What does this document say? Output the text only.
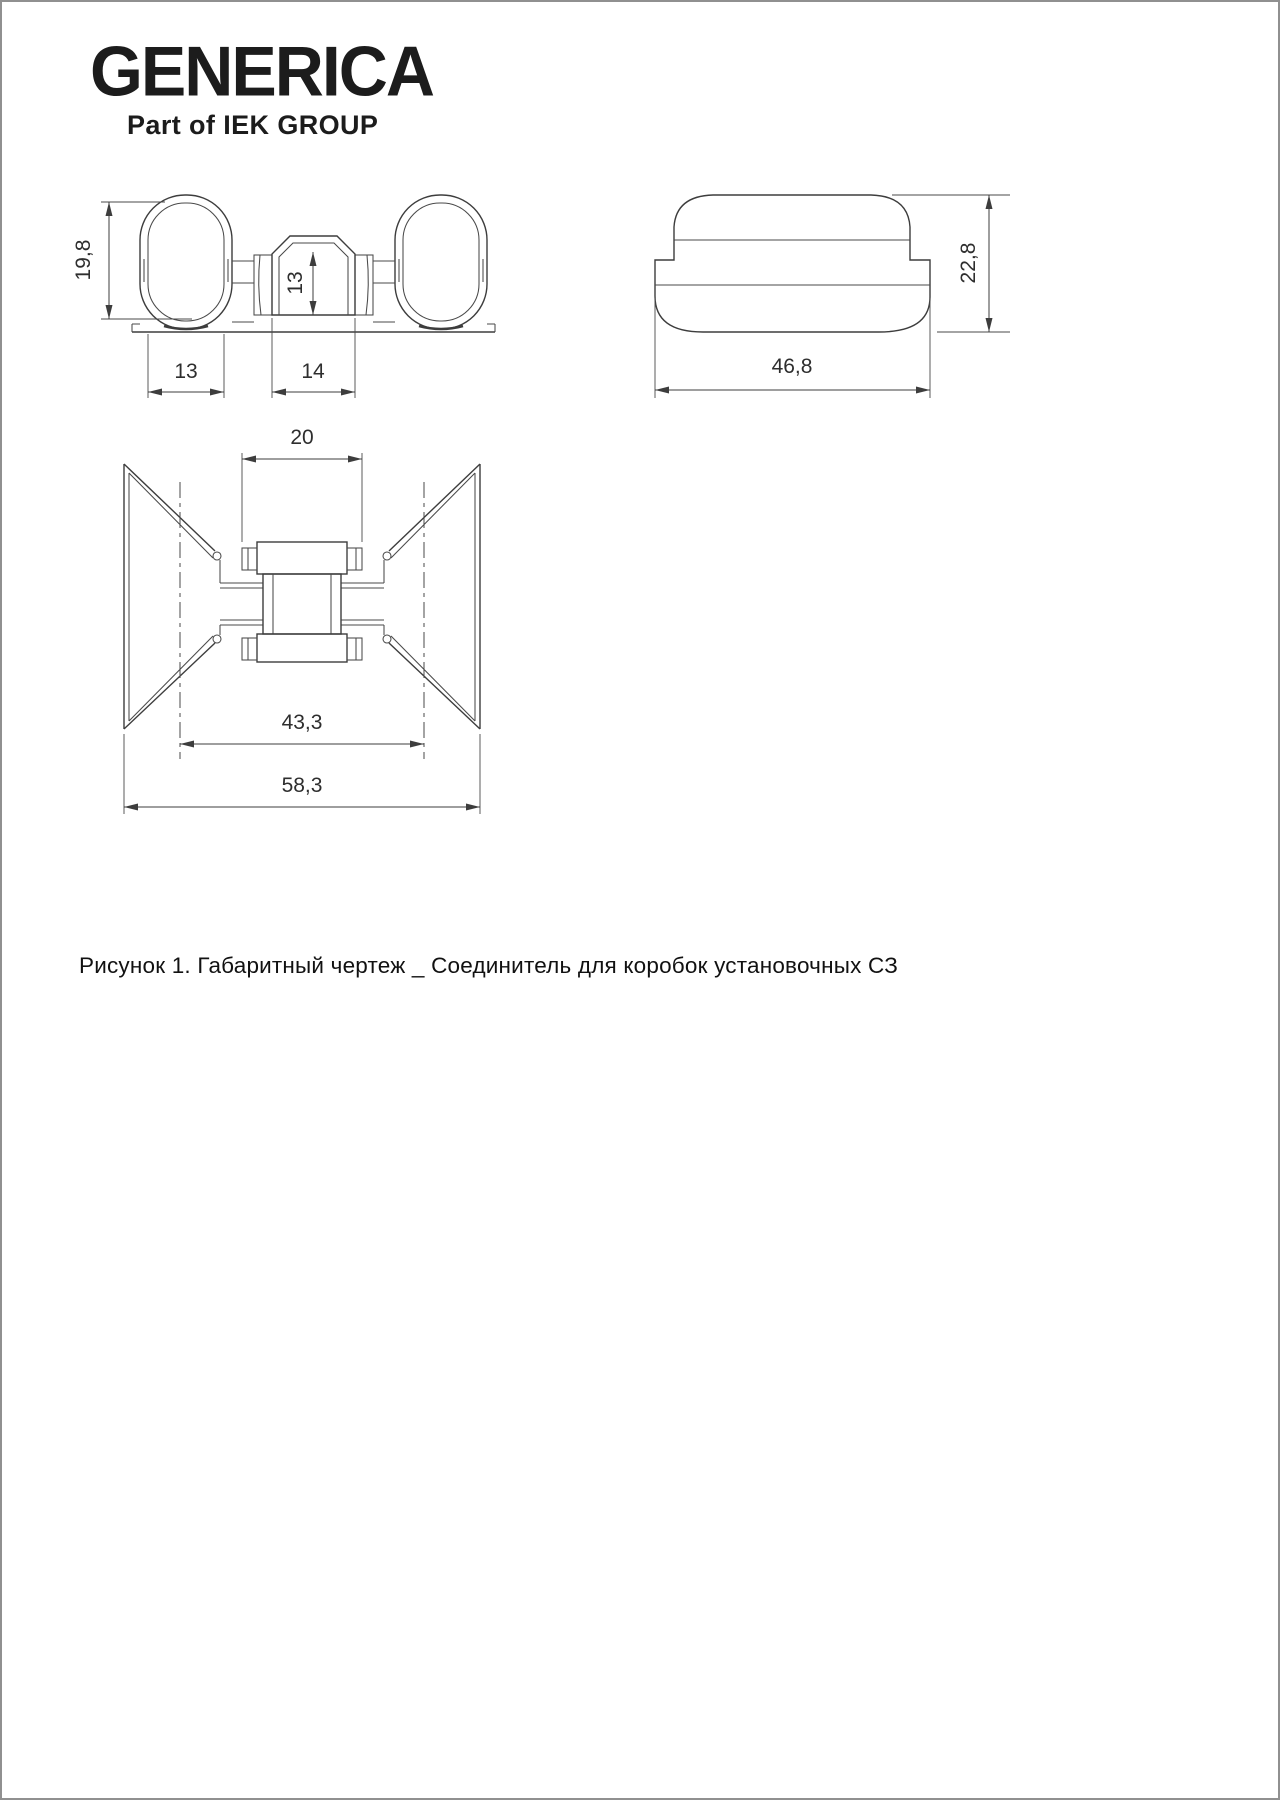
GENERICA
Part of IEK GROUP
19,8
13
13	14
22,8
46,8
20
43,3
58,3
Рисунок 1. Габаритный чертеж _ Соединитель для коробок установочных СЗ
